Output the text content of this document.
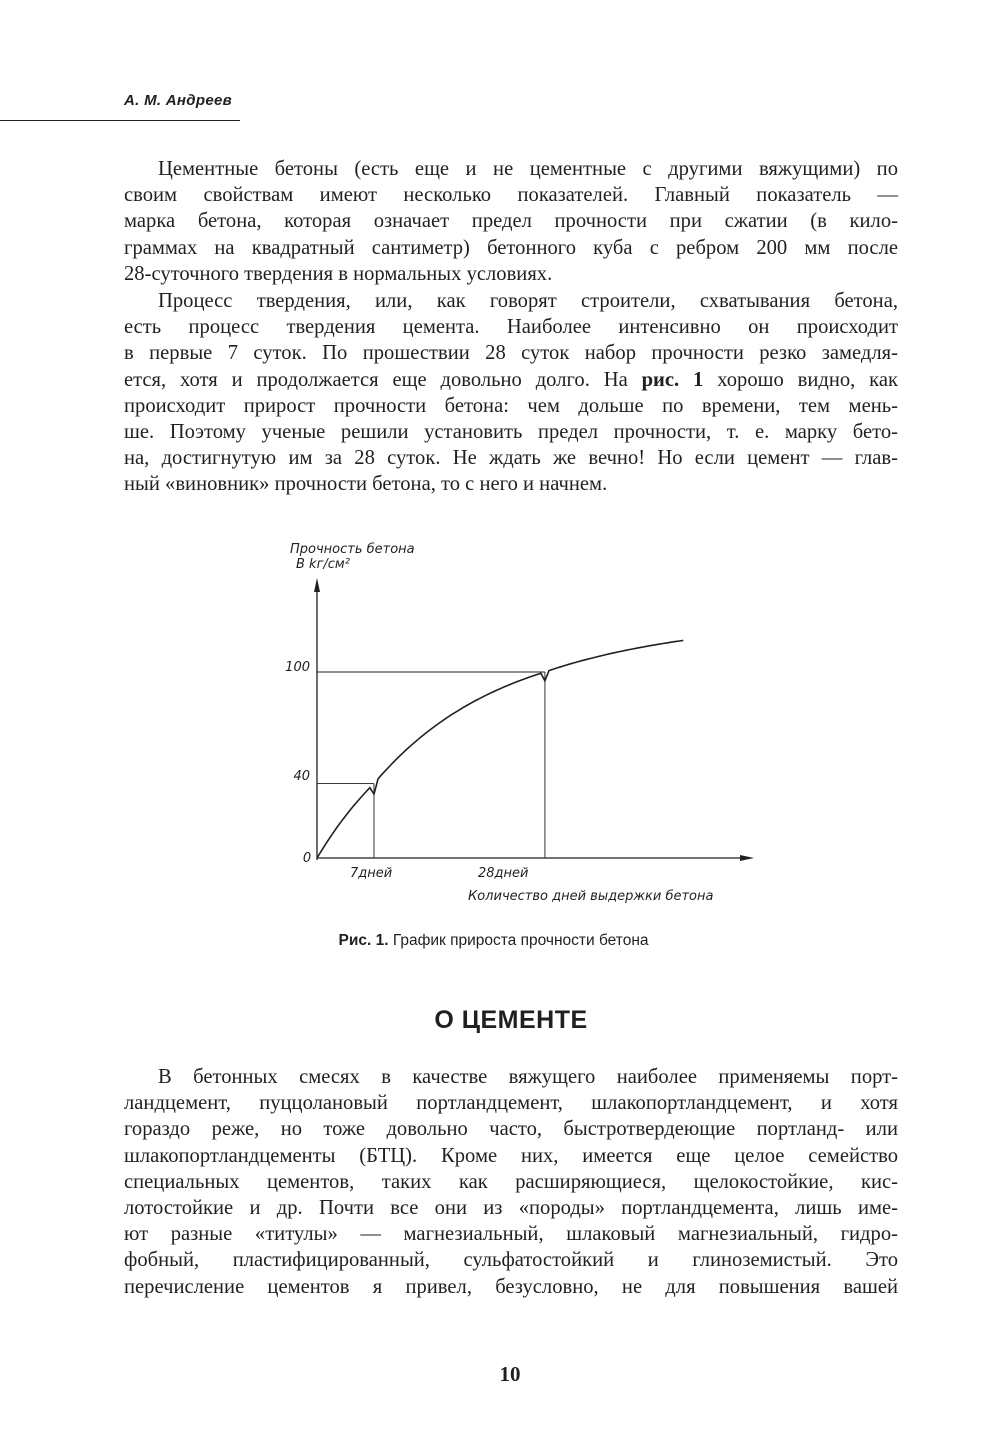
А. М. Андреев
Цементные бетоны (есть еще и не цементные с другими вяжущими) по
своим свойствам имеют несколько показателей. Главный показатель —
марка бетона, которая означает предел прочности при сжатии (в кило-
граммах на квадратный сантиметр) бетонного куба с ребром 200 мм после
28-суточного твердения в нормальных условиях.
Процесс твердения, или, как говорят строители, схватывания бетона,
есть процесс твердения цемента. Наиболее интенсивно он происходит
в первые 7 суток. По прошествии 28 суток набор прочности резко замедля-
ется, хотя и продолжается еще довольно долго. На рис. 1 хорошо видно, как
происходит прирост прочности бетона: чем дольше по времени, тем мень-
ше. Поэтому ученые решили установить предел прочности, т. е. марку бето-
на, достигнутую им за 28 суток. Не ждать же вечно! Но если цемент — глав-
ный «виновник» прочности бетона, то с него и начнем.
Прочность бетона
В kг/см²
0
40
100
7дней	28дней
Количество дней выдержки бетона
Рис. 1. График прироста прочности бетона
О ЦЕМЕНТЕ
В бетонных смесях в качестве вяжущего наиболее применяемы порт-
ландцемент, пуццолановый портландцемент, шлакопортландцемент, и хотя
гораздо реже, но тоже довольно часто, быстротвердеющие портланд- или
шлакопортландцементы (БТЦ). Кроме них, имеется еще целое семейство
специальных цементов, таких как расширяющиеся, щелокостойкие, кис-
лотостойкие и др. Почти все они из «породы» портландцемента, лишь име-
ют разные «титулы» — магнезиальный, шлаковый магнезиальный, гидро-
фобный, пластифицированный, сульфатостойкий и глиноземистый. Это
перечисление цементов я привел, безусловно, не для повышения вашей
10
